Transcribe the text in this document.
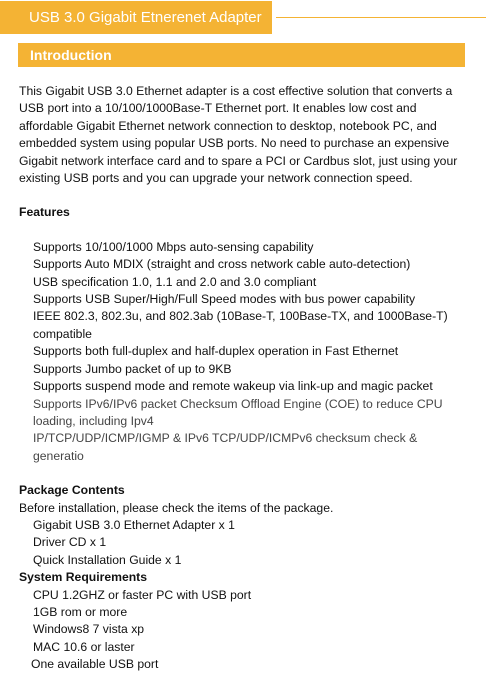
USB 3.0 Gigabit Etnerenet Adapter
Introduction

This Gigabit USB 3.0 Ethernet adapter is a cost effective solution that converts a USB port into a 10/100/1000Base-T Ethernet port. It enables low cost and affordable Gigabit Ethernet network connection to desktop, notebook PC, and embedded system using popular USB ports. No need to purchase an expensive Gigabit network interface card and to spare a PCI or Cardbus slot, just using your existing USB ports and you can upgrade your network connection speed.

Features

Supports 10/100/1000 Mbps auto-sensing capability
Supports Auto MDIX (straight and cross network cable auto-detection)
USB specification 1.0, 1.1 and 2.0 and 3.0 compliant
Supports USB Super/High/Full Speed modes with bus power capability
IEEE 802.3, 802.3u, and 802.3ab (10Base-T, 100Base-TX, and 1000Base-T) compatible
Supports both full-duplex and half-duplex operation in Fast Ethernet
Supports Jumbo packet of up to 9KB
Supports suspend mode and remote wakeup via link-up and magic packet
Supports IPv6/IPv6 packet Checksum Offload Engine (COE) to reduce CPU loading, including Ipv4
IP/TCP/UDP/ICMP/IGMP & IPv6 TCP/UDP/ICMPv6 checksum check & generatio

Package Contents

Before installation, please check the items of the package.

Gigabit USB 3.0 Ethernet Adapter x 1

Driver CD x 1

Quick Installation Guide x 1

System Requirements

CPU 1.2GHZ or faster PC with USB port

1GB rom or more

Windows8 7 vista xp

MAC 10.6 or laster

One available USB port
